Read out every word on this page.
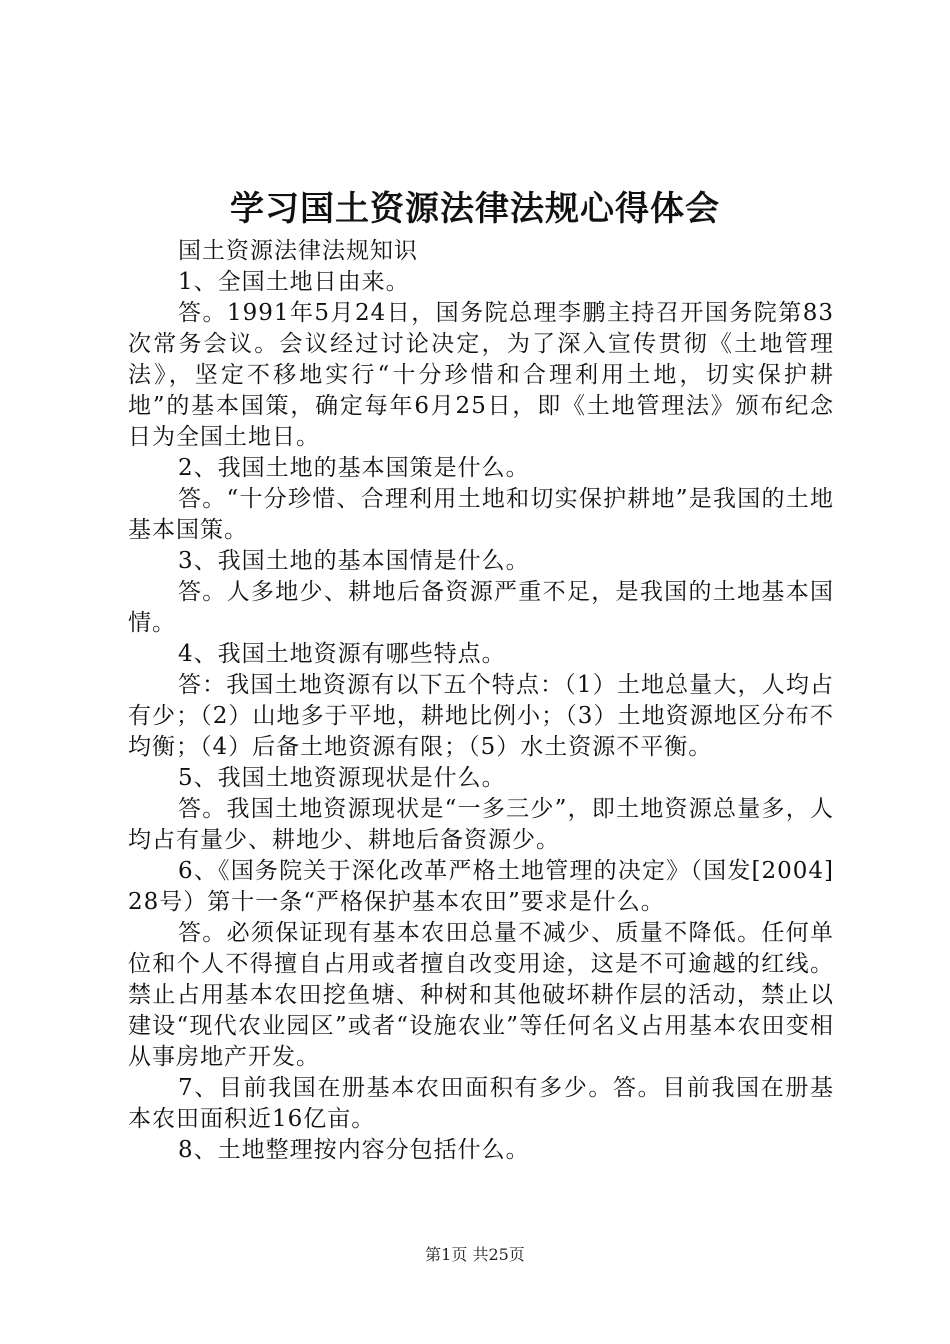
学习国土资源法律法规心得体会

国土资源法律法规知识

1、全国土地日由来。

答。1991年5月24日，国务院总理李鹏主持召开国务院第83次常务会议。会议经过讨论决定，为了深入宣传贯彻《土地管理法》，坚定不移地实行“十分珍惜和合理利用土地，切实保护耕地”的基本国策，确定每年6月25日，即《土地管理法》颁布纪念日为全国土地日。

2、我国土地的基本国策是什么。

答。“十分珍惜、合理利用土地和切实保护耕地”是我国的土地基本国策。

3、我国土地的基本国情是什么。

答。人多地少、耕地后备资源严重不足，是我国的土地基本国情。

4、我国土地资源有哪些特点。

答：我国土地资源有以下五个特点：（1）土地总量大，人均占有少；（2）山地多于平地，耕地比例小；（3）土地资源地区分布不均衡；（4）后备土地资源有限；（5）水土资源不平衡。

5、我国土地资源现状是什么。

答。我国土地资源现状是“一多三少”，即土地资源总量多，人均占有量少、耕地少、耕地后备资源少。

6、《国务院关于深化改革严格土地管理的决定》（国发[2004]28号）第十一条“严格保护基本农田”要求是什么。

答。必须保证现有基本农田总量不减少、质量不降低。任何单位和个人不得擅自占用或者擅自改变用途，这是不可逾越的红线。禁止占用基本农田挖鱼塘、种树和其他破坏耕作层的活动，禁止以建设“现代农业园区”或者“设施农业”等任何名义占用基本农田变相从事房地产开发。

7、目前我国在册基本农田面积有多少。答。目前我国在册基本农田面积近16亿亩。

8、土地整理按内容分包括什么。

第1页 共25页
